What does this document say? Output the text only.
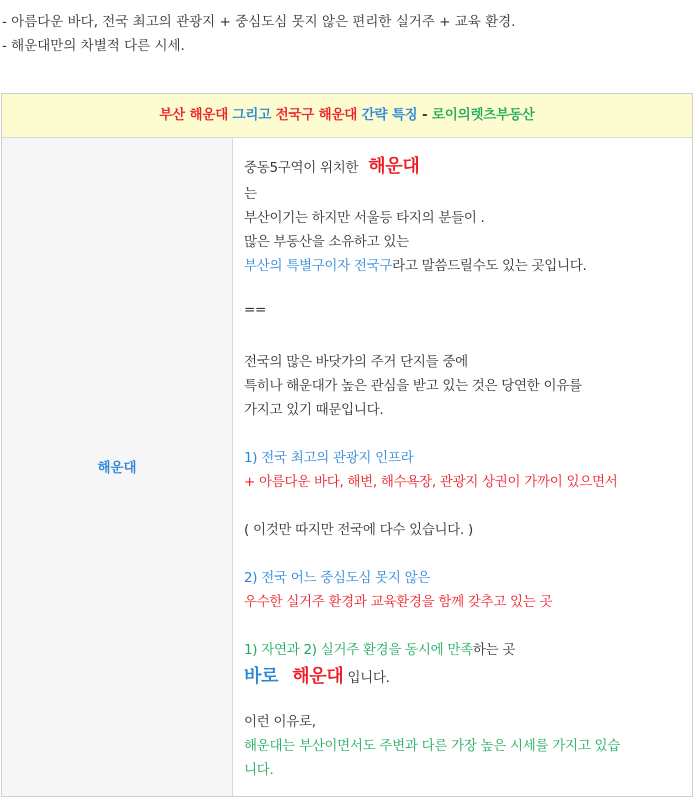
- 아름다운 바다, 전국 최고의 관광지 + 중심도심 못지 않은 편리한 실거주 + 교육 환경.

- 해운대만의 차별적 다른 시세.

부산 해운대 그리고 전국구 해운대 간략 특징 - 로이의렛츠부동산
해운대
중동5구역이 위치한 해운대
는
부산이기는 하지만 서울등 타지의 분들이 .
많은 부동산을 소유하고 있는
부산의 특별구이자 전국구라고 말씀드릴수도 있는 곳입니다.
==
전국의 많은 바닷가의 주거 단지들 중에
특히나 해운대가 높은 관심을 받고 있는 것은 당연한 이유를
가지고 있기 때문입니다.
1) 전국 최고의 관광지 인프라
+ 아름다운 바다, 해변, 해수욕장, 관광지 상권이 가까이 있으면서
( 이것만 따지만 전국에 다수 있습니다. )
2) 전국 어느 중심도심 못지 않은
우수한 실거주 환경과 교육환경을 함께 갖추고 있는 곳
1) 자연과 2) 실거주 환경을 동시에 만족하는 곳
바로 해운대 입니다.
이런 이유로,
해운대는 부산이면서도 주변과 다른 가장 높은 시세를 가지고 있습
니다.
